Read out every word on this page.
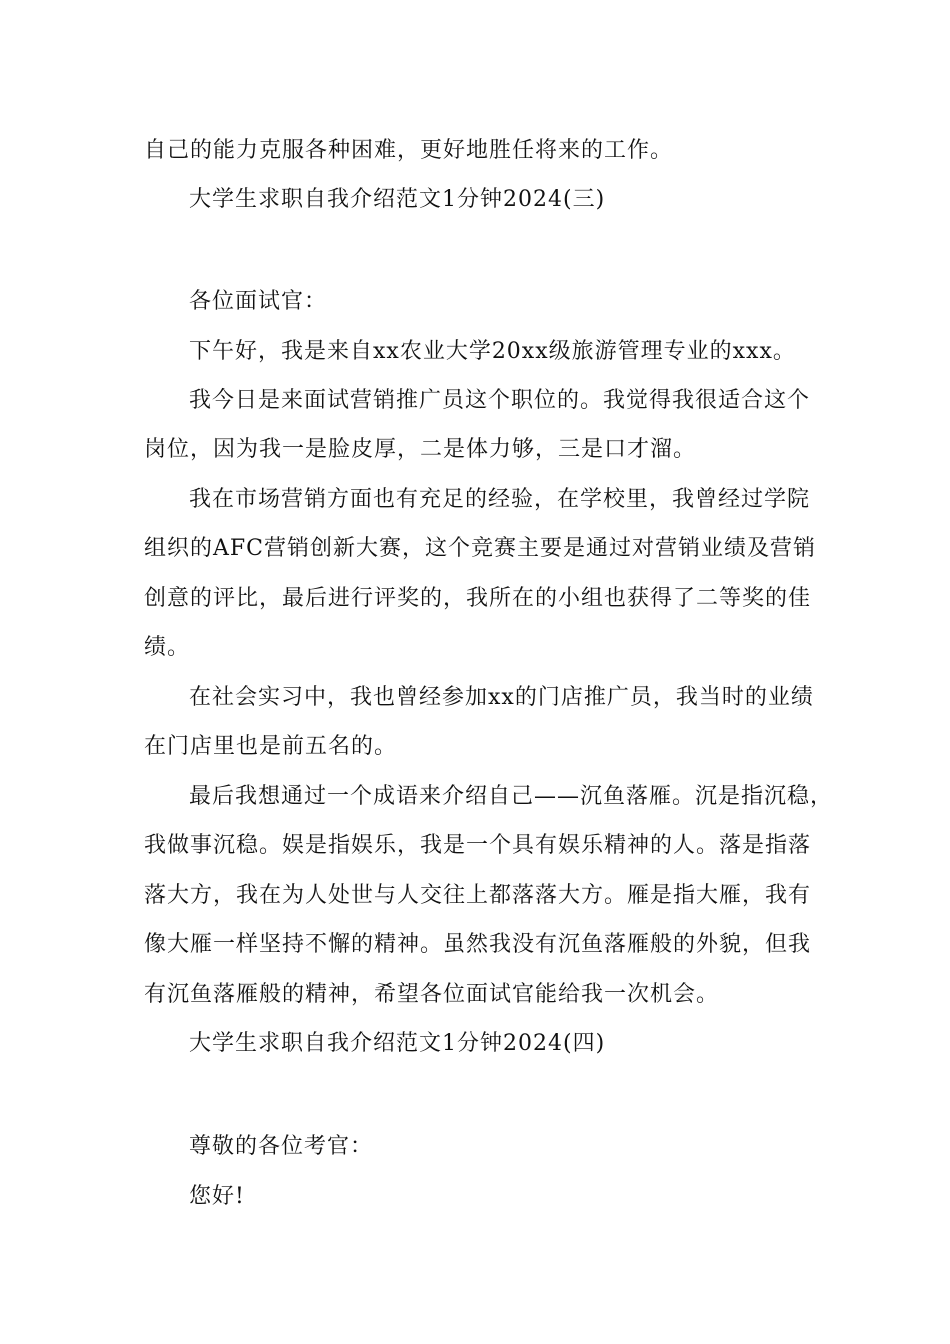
自己的能力克服各种困难，更好地胜任将来的工作。
大学生求职自我介绍范文1分钟2024(三)
各位面试官：
下午好，我是来自xx农业大学20xx级旅游管理专业的xxx。
我今日是来面试营销推广员这个职位的。我觉得我很适合这个
岗位，因为我一是脸皮厚，二是体力够，三是口才溜。
我在市场营销方面也有充足的经验，在学校里，我曾经过学院
组织的AFC营销创新大赛，这个竞赛主要是通过对营销业绩及营销
创意的评比，最后进行评奖的，我所在的小组也获得了二等奖的佳
绩。
在社会实习中，我也曾经参加xx的门店推广员，我当时的业绩
在门店里也是前五名的。
最后我想通过一个成语来介绍自己——沉鱼落雁。沉是指沉稳，
我做事沉稳。娱是指娱乐，我是一个具有娱乐精神的人。落是指落
落大方，我在为人处世与人交往上都落落大方。雁是指大雁，我有
像大雁一样坚持不懈的精神。虽然我没有沉鱼落雁般的外貌，但我
有沉鱼落雁般的精神，希望各位面试官能给我一次机会。
大学生求职自我介绍范文1分钟2024(四)
尊敬的各位考官：
您好!
